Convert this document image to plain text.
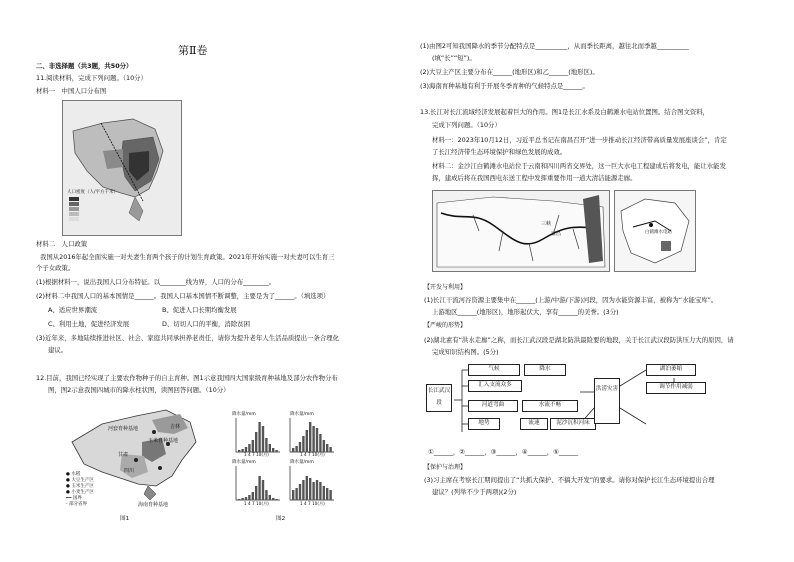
第Ⅱ卷
二、非选择题（共3题，共50分）
11.阅读材料，完成下列问题。（10分）
材料一　中国人口分布图
人口密度（人/平方千米）
材料二　人口政策
我国从2016年起全面实施一对夫妻生育两个孩子的计划生育政策。2021年开始实施一对夫妻可以生育三
个子女政策。
(1)根据材料一，说出我国人口分布特征。以________线为界，人口的分布________。
(2)材料二中我国人口的基本国情是______。我国人口基本国情不断调整，主要是为了______。（填选项）
A、适应世界潮流	B、促进人口长期均衡发展
C、利用土地，促进经济发展	D、切切人口的平衡，消除贫困
(3)近年来，多地陆续推进社区、社会、家庭共同承担养老责任，请你为提升老年人生活品质提出一条合理化
建议。
12.目前，我国已经实现了主要农作物种子的自主育种。图1示意我国四大国家级育种基地及部分农作物分布
图，图2示意我国四城市的降水柱状图，读图回答问题。（10分）
河套育种基地	吉林
玉米育种基地
甘肃
四川
● 水稻
● 大豆生产区
● 玉米生产区
● 小麦生产区
━━ 国界
- 部分省界	海南育种基地
图1
降水量/mm	降水量/mm
降水量/mm	降水量/mm
1 4 7 10(月)	1 4 7 10(月)
1 4 7 10(月)	1 4 7 10(月)
图2
(1)由图2可知我国降水的季节分配特点是__________，从而季长距离，越往北而季越__________
(填“长”“短”)。
(2)大豆主产区主要分布在______(地形区)和乙______(地形区)。
(3)海南育种基地有利于开展冬季育种的气候特点是______。
13.长江对长江流域经济发展起着巨大的作用。图1是长江水系及白鹤滩水电站位置图。结合图文资料，
完成下列问题。（10分）
材料一：2023年10月12日，习近平总书记在南昌召开“进一步推动长江经济带高质量发展座谈会”，肯定
了长江经济带生态环境保护和绿色发展的成效。
材料二：金沙江白鹤滩水电站位于云南和四川两省交界处，这一巨大水电工程建成后将发电，能让水能发
挥，建成后将在我国西电东送工程中发挥重要作用一道大清洁能源走廊。
三峡
宜昌	白鹤滩水电站
【开发与利用】
(1)长江干流河谷资源主要集中在______(上游/中游/下游)河段，因为水能资源丰富，被称为“水能宝库”。
上游地区______(地形区)，地形起伏大，享有______的美誉。(3分)
【严峻的形势】
(2)湖北素有“洪水走廊”之称，而长江武汉段是湖北防洪最险要的地段，关于长江武汉段防洪压力大的原因，请
完成知识结构图。(5分)
长江武汉段
气候	降水
汇入支流众多
河道弯曲	水流不畅
地势	流速	泥沙沉积河床
洪涝灾害
湖泊萎缩
调节作用减弱
①______，②______，③______，④______，⑤______
【保护与治理】
(3)习主席在考察长江期间提出了“共抓大保护、不搞大开发”的要求。请你对保护长江生态环境提出合理
建议？(列举不少于两项)(2分)
